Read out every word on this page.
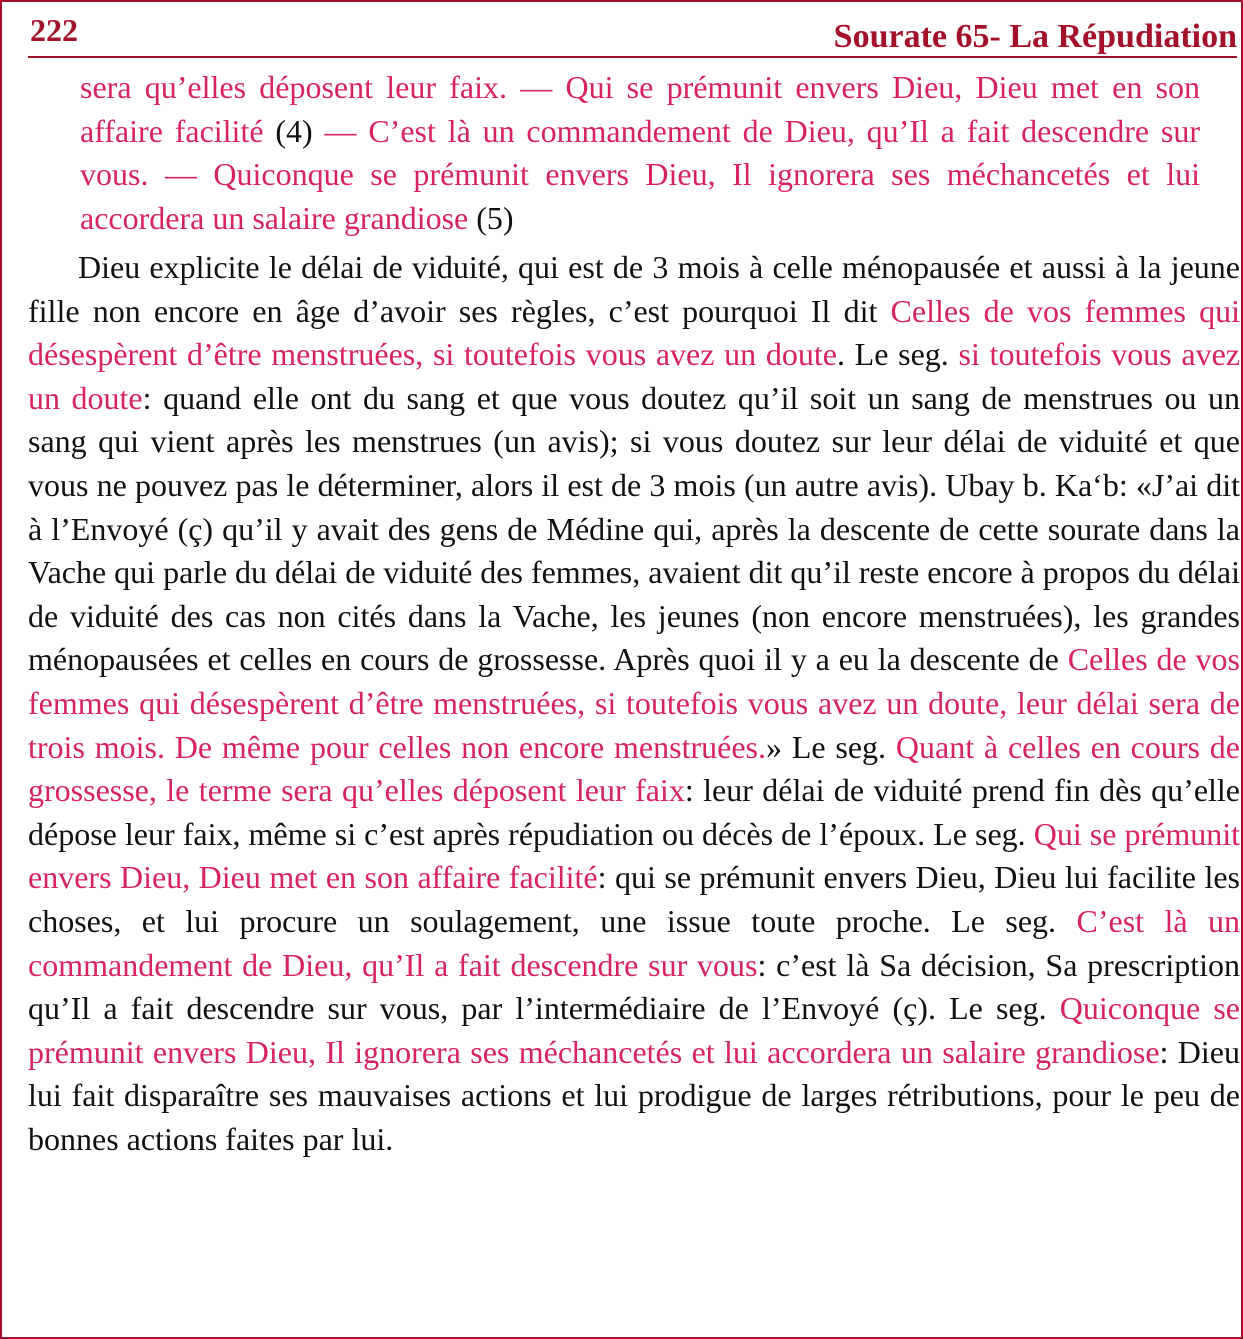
222	Sourate 65- La Répudiation

sera qu’elles déposent leur faix. — Qui se prémunit envers Dieu, Dieu met en son affaire facilité (4) — C’est là un commandement de Dieu, qu’Il a fait descendre sur vous. — Quiconque se prémunit envers Dieu, Il ignorera ses méchancetés et lui accordera un salaire grandiose (5)

Dieu explicite le délai de viduité, qui est de 3 mois à celle ménopausée et aussi à la jeune fille non encore en âge d’avoir ses règles, c’est pourquoi Il dit Celles de vos femmes qui désespèrent d’être menstruées, si toutefois vous avez un doute. Le seg. si toutefois vous avez un doute: quand elle ont du sang et que vous doutez qu’il soit un sang de menstrues ou un sang qui vient après les menstrues (un avis); si vous doutez sur leur délai de viduité et que vous ne pouvez pas le déterminer, alors il est de 3 mois (un autre avis). Ubay b. Ka‘b: «J’ai dit à l’Envoyé (ç) qu’il y avait des gens de Médine qui, après la descente de cette sourate dans la Vache qui parle du délai de viduité des femmes, avaient dit qu’il reste encore à propos du délai de viduité des cas non cités dans la Vache, les jeunes (non encore menstruées), les grandes ménopausées et celles en cours de grossesse. Après quoi il y a eu la descente de Celles de vos femmes qui désespèrent d’être menstruées, si toutefois vous avez un doute, leur délai sera de trois mois. De même pour celles non encore menstruées.» Le seg. Quant à celles en cours de grossesse, le terme sera qu’elles déposent leur faix: leur délai de viduité prend fin dès qu’elle dépose leur faix, même si c’est après répudiation ou décès de l’époux. Le seg. Qui se prémunit envers Dieu, Dieu met en son affaire facilité: qui se prémunit envers Dieu, Dieu lui facilite les choses, et lui procure un soulagement, une issue toute proche. Le seg. C’est là un commandement de Dieu, qu’Il a fait descendre sur vous: c’est là Sa décision, Sa prescription qu’Il a fait descendre sur vous, par l’intermédiaire de l’Envoyé (ç). Le seg. Quiconque se prémunit envers Dieu, Il ignorera ses méchancetés et lui accordera un salaire grandiose: Dieu lui fait disparaître ses mauvaises actions et lui prodigue de larges rétributions, pour le peu de bonnes actions faites par lui.
